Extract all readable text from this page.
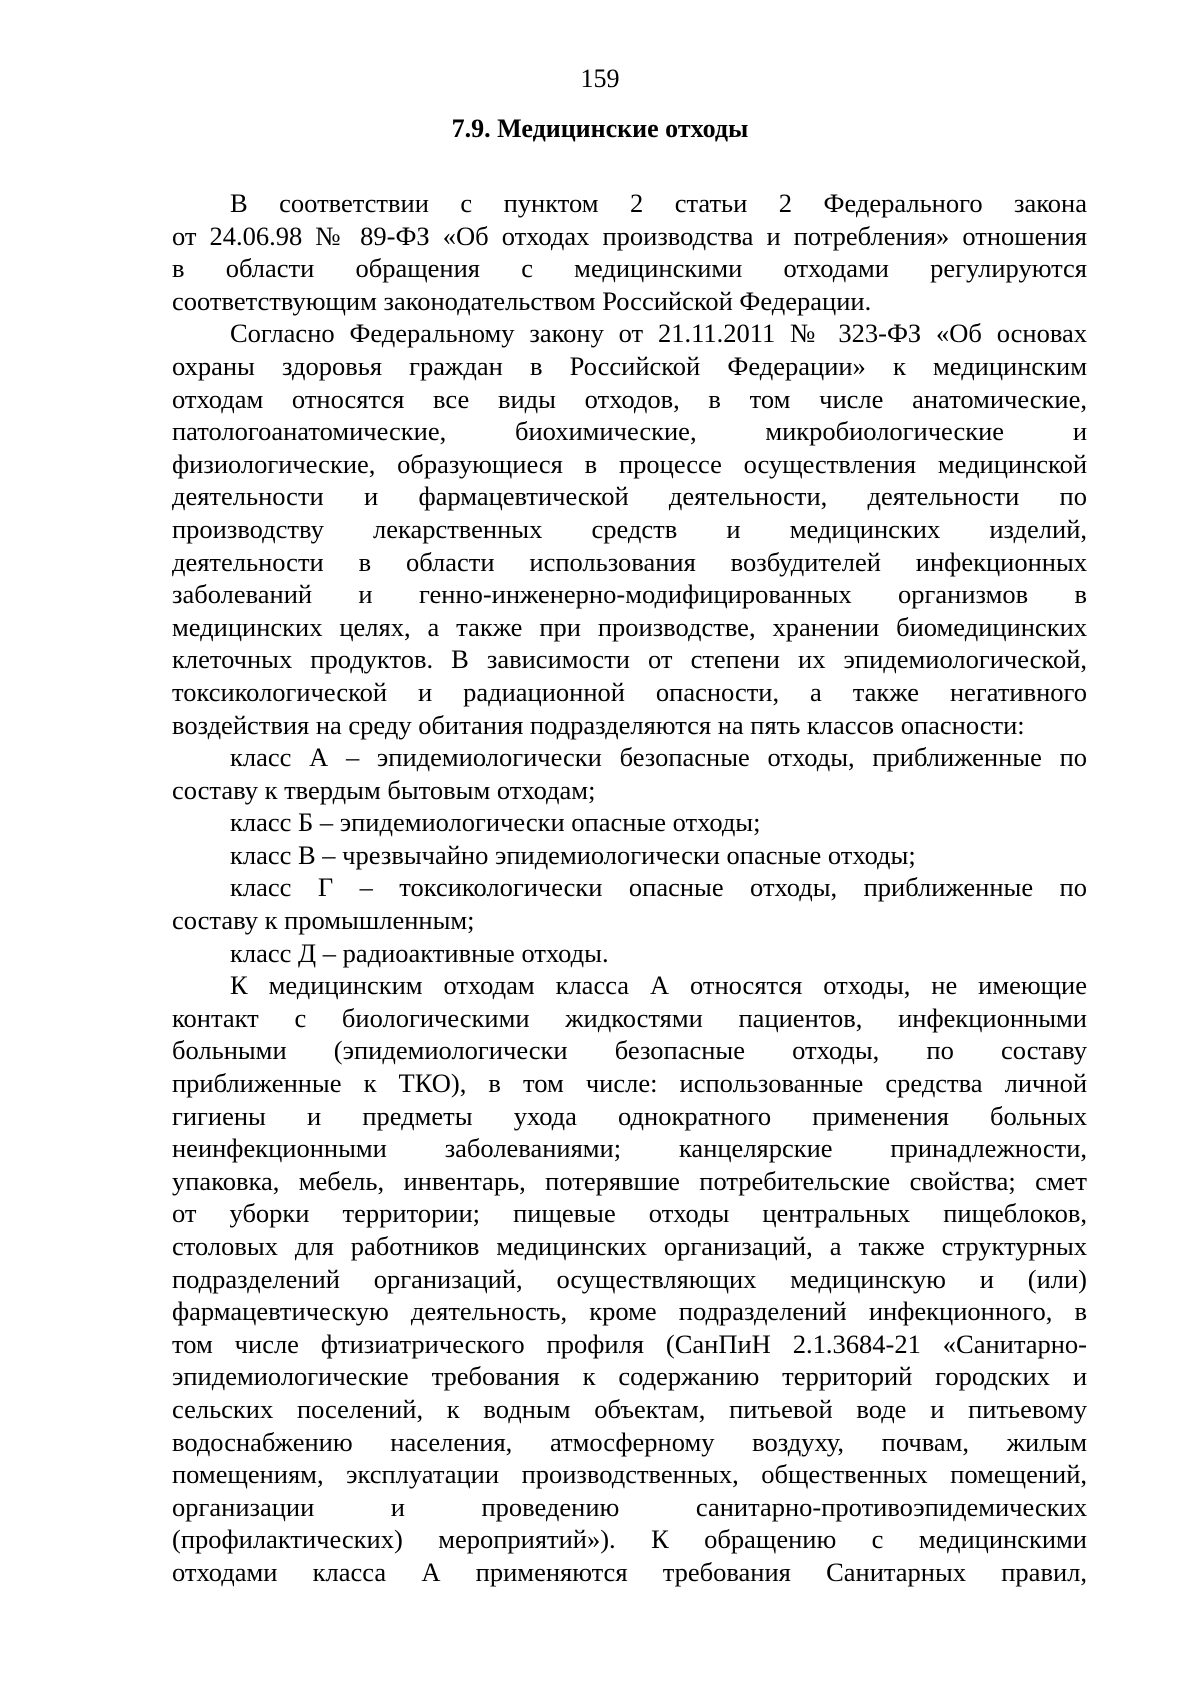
159
7.9. Медицинские отходы
В соответствии с пунктом 2 статьи 2 Федерального закона
от 24.06.98 № 89-ФЗ «Об отходах производства и потребления» отношения
в области обращения с медицинскими отходами регулируются
соответствующим законодательством Российской Федерации.
Согласно Федеральному закону от 21.11.2011 № 323-ФЗ «Об основах
охраны здоровья граждан в Российской Федерации» к медицинским
отходам относятся все виды отходов, в том числе анатомические,
патологоанатомические, биохимические, микробиологические и
физиологические, образующиеся в процессе осуществления медицинской
деятельности и фармацевтической деятельности, деятельности по
производству лекарственных средств и медицинских изделий,
деятельности в области использования возбудителей инфекционных
заболеваний и генно-инженерно-модифицированных организмов в
медицинских целях, а также при производстве, хранении биомедицинских
клеточных продуктов. В зависимости от степени их эпидемиологической,
токсикологической и радиационной опасности, а также негативного
воздействия на среду обитания подразделяются на пять классов опасности:
класс А – эпидемиологически безопасные отходы, приближенные по
составу к твердым бытовым отходам;
класс Б – эпидемиологически опасные отходы;
класс В – чрезвычайно эпидемиологически опасные отходы;
класс Г – токсикологически опасные отходы, приближенные по
составу к промышленным;
класс Д – радиоактивные отходы.
К медицинским отходам класса А относятся отходы, не имеющие
контакт с биологическими жидкостями пациентов, инфекционными
больными (эпидемиологически безопасные отходы, по составу
приближенные к ТКО), в том числе: использованные средства личной
гигиены и предметы ухода однократного применения больных
неинфекционными заболеваниями; канцелярские принадлежности,
упаковка, мебель, инвентарь, потерявшие потребительские свойства; смет
от уборки территории; пищевые отходы центральных пищеблоков,
столовых для работников медицинских организаций, а также структурных
подразделений организаций, осуществляющих медицинскую и (или)
фармацевтическую деятельность, кроме подразделений инфекционного, в
том числе фтизиатрического профиля (СанПиН 2.1.3684-21 «Санитарно-
эпидемиологические требования к содержанию территорий городских и
сельских поселений, к водным объектам, питьевой воде и питьевому
водоснабжению населения, атмосферному воздуху, почвам, жилым
помещениям, эксплуатации производственных, общественных помещений,
организации и проведению санитарно-противоэпидемических
(профилактических) мероприятий»). К обращению с медицинскими
отходами класса А применяются требования Санитарных правил,
